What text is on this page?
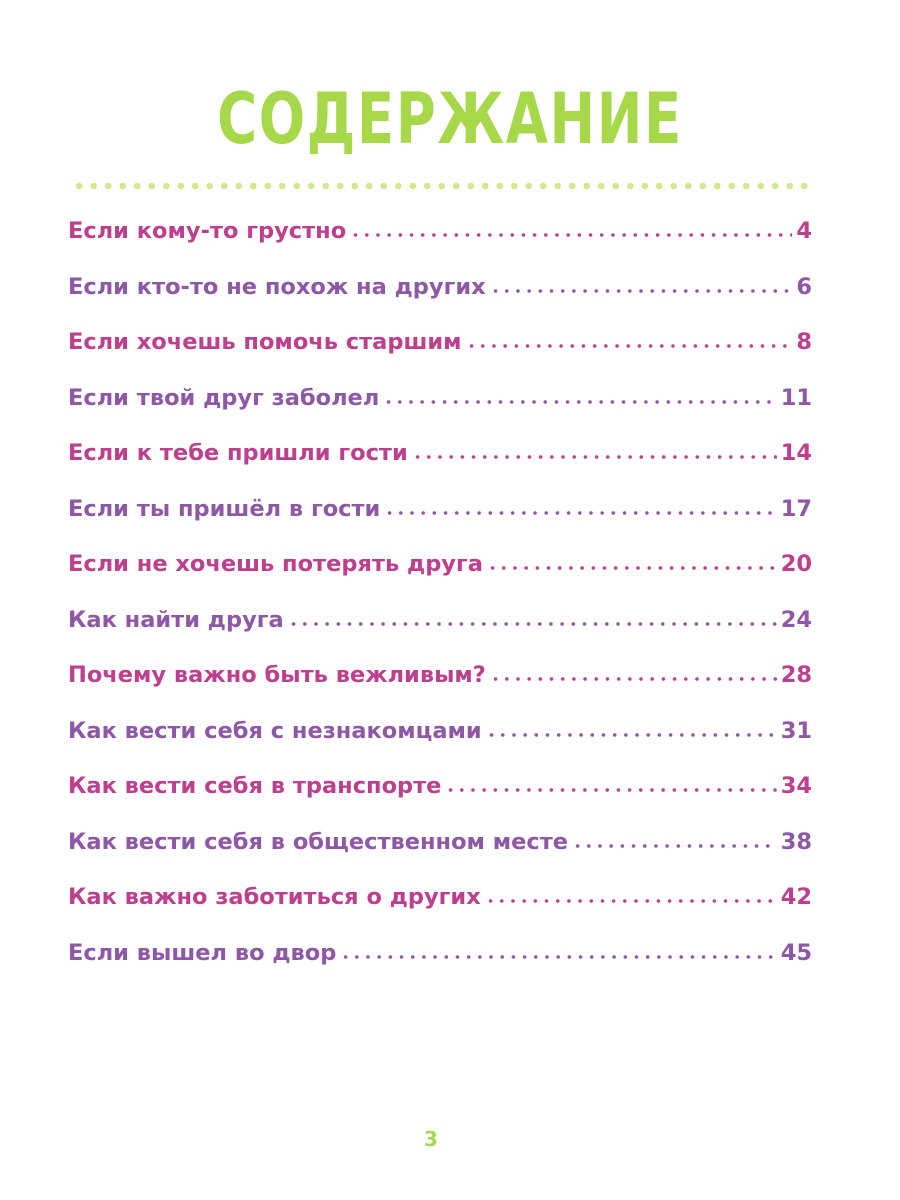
СОДЕРЖАНИЕ
Если кому-то грустно	4
Если кто-то не похож на других	6
Если хочешь помочь старшим	8
Если твой друг заболел	11
Если к тебе пришли гости	14
Если ты пришёл в гости	17
Если не хочешь потерять друга	20
Как найти друга	24
Почему важно быть вежливым?	28
Как вести себя с незнакомцами	31
Как вести себя в транспорте	34
Как вести себя в общественном месте	38
Как важно заботиться о других	42
Если вышел во двор	45
3
